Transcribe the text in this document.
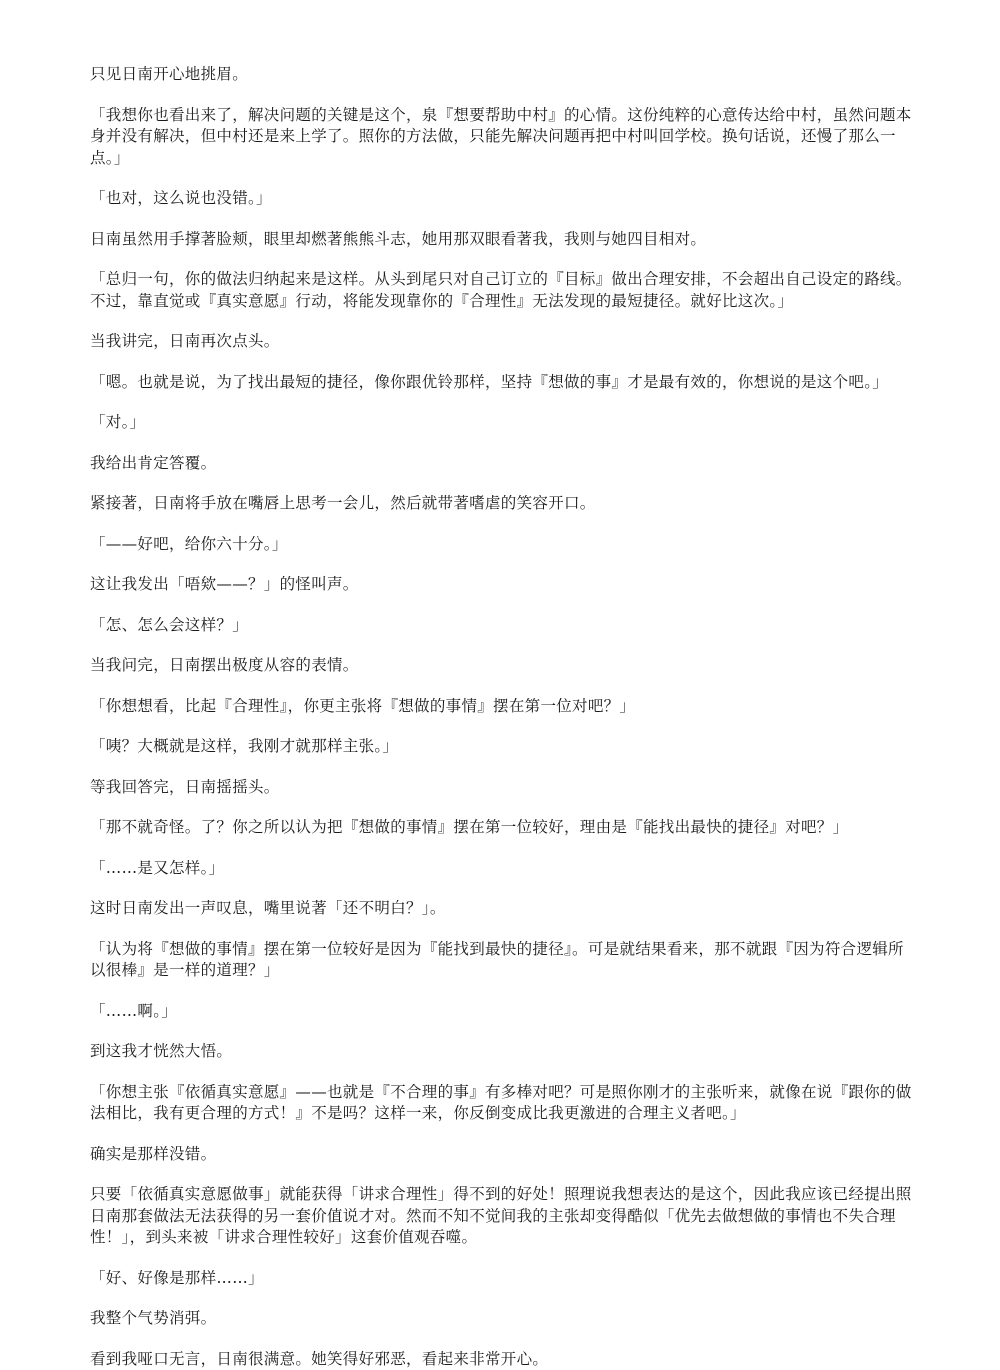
只见日南开心地挑眉。

「我想你也看出来了，解决问题的关键是这个，泉『想要帮助中村』的心情。这份纯粹的心意传达给中村，虽然问题本身并没有解决，但中村还是来上学了。照你的方法做，只能先解决问题再把中村叫回学校。换句话说，还慢了那么一点。」

「也对，这么说也没错。」

日南虽然用手撑著脸颊，眼里却燃著熊熊斗志，她用那双眼看著我，我则与她四目相对。

「总归一句，你的做法归纳起来是这样。从头到尾只对自己订立的『目标』做出合理安排，不会超出自己设定的路线。不过，靠直觉或『真实意愿』行动，将能发现靠你的『合理性』无法发现的最短捷径。就好比这次。」

当我讲完，日南再次点头。

「嗯。也就是说，为了找出最短的捷径，像你跟优铃那样，坚持『想做的事』才是最有效的，你想说的是这个吧。」

「对。」

我给出肯定答覆。

紧接著，日南将手放在嘴唇上思考一会儿，然后就带著嗜虐的笑容开口。

「——好吧，给你六十分。」

这让我发出「唔欸——？」的怪叫声。

「怎、怎么会这样？」

当我问完，日南摆出极度从容的表情。

「你想想看，比起『合理性』，你更主张将『想做的事情』摆在第一位对吧？」

「咦？大概就是这样，我刚才就那样主张。」

等我回答完，日南摇摇头。

「那不就奇怪。了？你之所以认为把『想做的事情』摆在第一位较好，理由是『能找出最快的捷径』对吧？」

「……是又怎样。」

这时日南发出一声叹息，嘴里说著「还不明白？」。

「认为将『想做的事情』摆在第一位较好是因为『能找到最快的捷径』。可是就结果看来，那不就跟『因为符合逻辑所以很棒』是一样的道理？」

「……啊。」

到这我才恍然大悟。

「你想主张『依循真实意愿』——也就是『不合理的事』有多棒对吧？可是照你刚才的主张听来，就像在说『跟你的做法相比，我有更合理的方式！』不是吗？这样一来，你反倒变成比我更激进的合理主义者吧。」

确实是那样没错。

只要「依循真实意愿做事」就能获得「讲求合理性」得不到的好处！照理说我想表达的是这个，因此我应该已经提出照日南那套做法无法获得的另一套价值说才对。然而不知不觉间我的主张却变得酷似「优先去做想做的事情也不失合理性！」，到头来被「讲求合理性较好」这套价值观吞噬。

「好、好像是那样……」

我整个气势消弭。

看到我哑口无言，日南很满意。她笑得好邪恶，看起来非常开心。
